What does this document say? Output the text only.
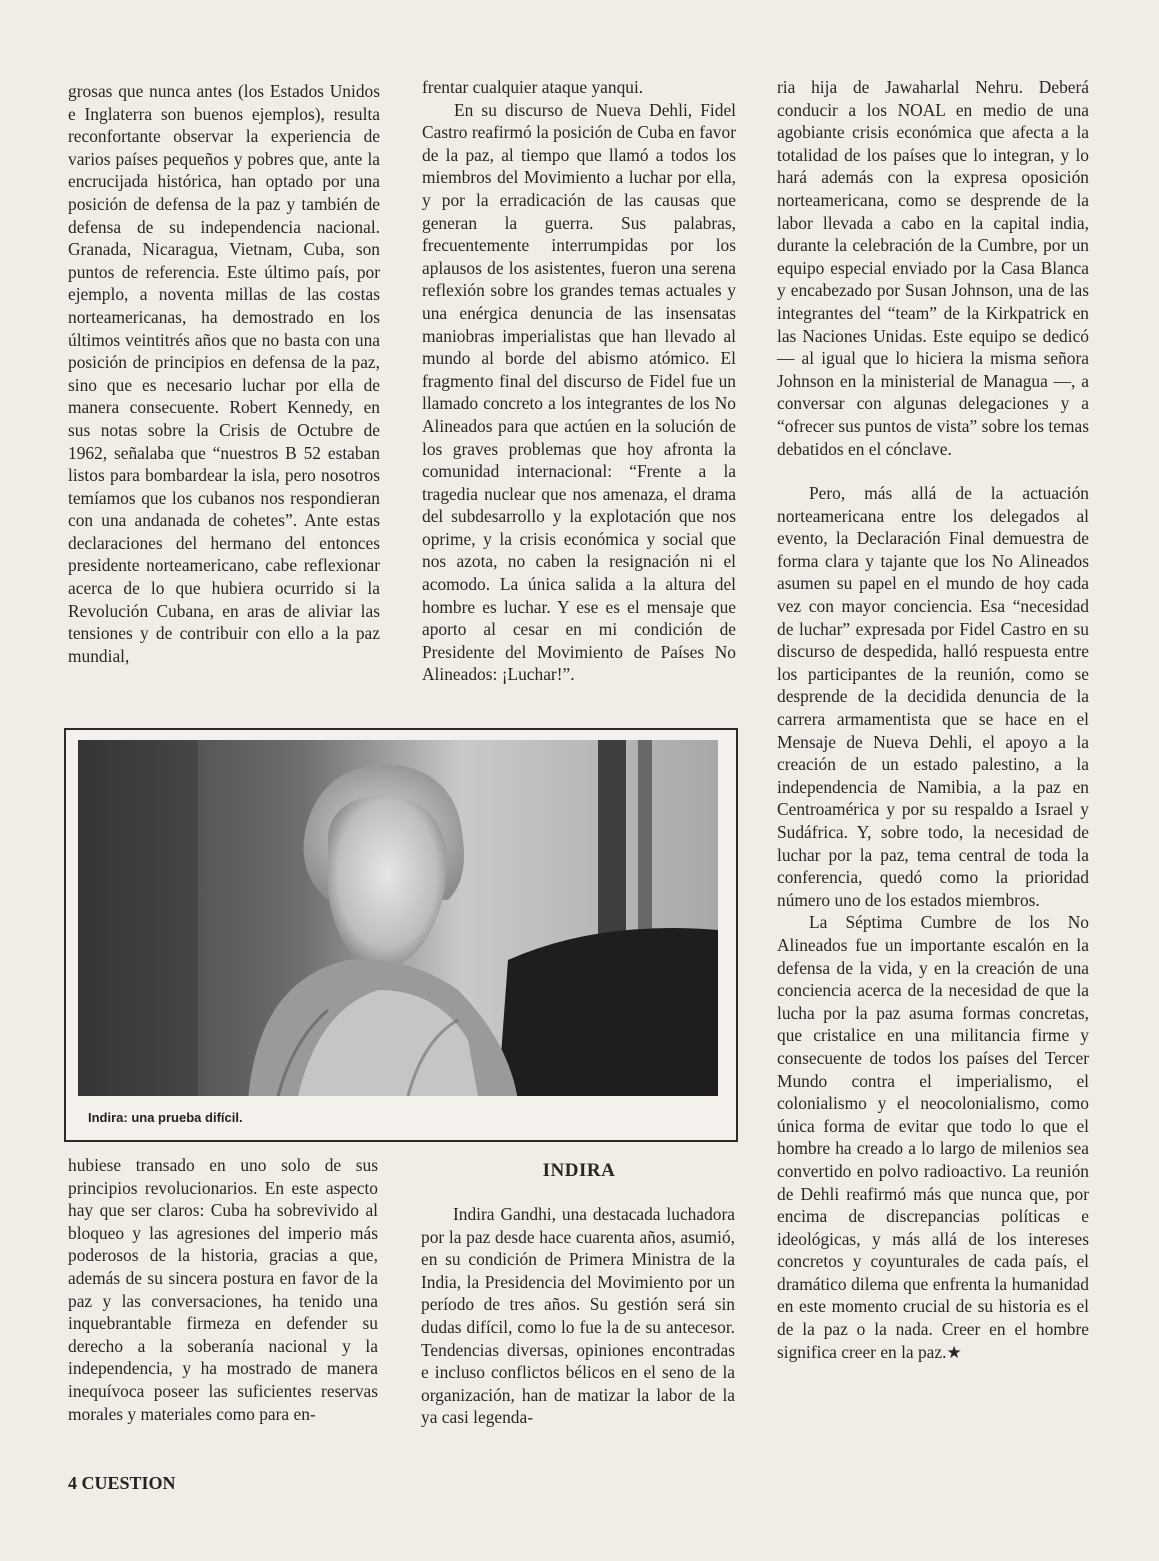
grosas que nunca antes (los Estados Unidos e Inglaterra son buenos ejemplos), resulta reconfortante observar la experiencia de varios países pequeños y pobres que, ante la encrucijada histórica, han optado por una posición de defensa de la paz y también de defensa de su independencia nacional. Granada, Nicaragua, Vietnam, Cuba, son puntos de referencia. Este último país, por ejemplo, a noventa millas de las costas norteamericanas, ha demostrado en los últimos veintitrés años que no basta con una posición de principios en defensa de la paz, sino que es necesario luchar por ella de manera consecuente. Robert Kennedy, en sus notas sobre la Crisis de Octubre de 1962, señalaba que “nuestros B 52 estaban listos para bombardear la isla, pero nosotros temíamos que los cubanos nos respondieran con una andanada de cohetes”. Ante estas declaraciones del hermano del entonces presidente norteamericano, cabe reflexionar acerca de lo que hubiera ocurrido si la Revolución Cubana, en aras de aliviar las tensiones y de contribuir con ello a la paz mundial,

frentar cualquier ataque yanqui.

En su discurso de Nueva Dehli, Fidel Castro reafirmó la posición de Cuba en favor de la paz, al tiempo que llamó a todos los miembros del Movimiento a luchar por ella, y por la erradicación de las causas que generan la guerra. Sus palabras, frecuentemente interrumpidas por los aplausos de los asistentes, fueron una serena reflexión sobre los grandes temas actuales y una enérgica denuncia de las insensatas maniobras imperialistas que han llevado al mundo al borde del abismo atómico. El fragmento final del discurso de Fidel fue un llamado concreto a los integrantes de los No Alineados para que actúen en la solución de los graves problemas que hoy afronta la comunidad internacional: “Frente a la tragedia nuclear que nos amenaza, el drama del subdesarrollo y la explotación que nos oprime, y la crisis económica y social que nos azota, no caben la resignación ni el acomodo. La única salida a la altura del hombre es luchar. Y ese es el mensaje que aporto al cesar en mi condición de Presidente del Movimiento de Países No Alineados: ¡Luchar!”.

ria hija de Jawaharlal Nehru. Deberá conducir a los NOAL en medio de una agobiante crisis económica que afecta a la totalidad de los países que lo integran, y lo hará además con la expresa oposición norteamericana, como se desprende de la labor llevada a cabo en la capital india, durante la celebración de la Cumbre, por un equipo especial enviado por la Casa Blanca y encabezado por Susan Johnson, una de las integrantes del “team” de la Kirkpatrick en las Naciones Unidas. Este equipo se dedicó — al igual que lo hiciera la misma señora Johnson en la ministerial de Managua —, a conversar con algunas delegaciones y a “ofrecer sus puntos de vista” sobre los temas debatidos en el cónclave.

Pero, más allá de la actuación norteamericana entre los delegados al evento, la Declaración Final demuestra de forma clara y tajante que los No Alineados asumen su papel en el mundo de hoy cada vez con mayor conciencia. Esa “necesidad de luchar” expresada por Fidel Castro en su discurso de despedida, halló respuesta entre los participantes de la reunión, como se desprende de la decidida denuncia de la carrera armamentista que se hace en el Mensaje de Nueva Dehli, el apoyo a la creación de un estado palestino, a la independencia de Namibia, a la paz en Centroamérica y por su respaldo a Israel y Sudáfrica. Y, sobre todo, la necesidad de luchar por la paz, tema central de toda la conferencia, quedó como la prioridad número uno de los estados miembros.

La Séptima Cumbre de los No Alineados fue un importante escalón en la defensa de la vida, y en la creación de una conciencia acerca de la necesidad de que la lucha por la paz asuma formas concretas, que cristalice en una militancia firme y consecuente de todos los países del Tercer Mundo contra el imperialismo, el colonialismo y el neocolonialismo, como única forma de evitar que todo lo que el hombre ha creado a lo largo de milenios sea convertido en polvo radioactivo. La reunión de Dehli reafirmó más que nunca que, por encima de discrepancias políticas e ideológicas, y más allá de los intereses concretos y coyunturales de cada país, el dramático dilema que enfrenta la humanidad en este momento crucial de su historia es el de la paz o la nada. Creer en el hombre significa creer en la paz.★

Indira: una prueba difícil.

hubiese transado en uno solo de sus principios revolucionarios. En este aspecto hay que ser claros: Cuba ha sobrevivido al bloqueo y las agresiones del imperio más poderosos de la historia, gracias a que, además de su sincera postura en favor de la paz y las conversaciones, ha tenido una inquebrantable firmeza en defender su derecho a la soberanía nacional y la independencia, y ha mostrado de manera inequívoca poseer las suficientes reservas morales y materiales como para en-

INDIRA

Indira Gandhi, una destacada luchadora por la paz desde hace cuarenta años, asumió, en su condición de Primera Ministra de la India, la Presidencia del Movimiento por un período de tres años. Su gestión será sin dudas difícil, como lo fue la de su antecesor. Tendencias diversas, opiniones encontradas e incluso conflictos bélicos en el seno de la organización, han de matizar la labor de la ya casi legenda-

4 CUESTION
